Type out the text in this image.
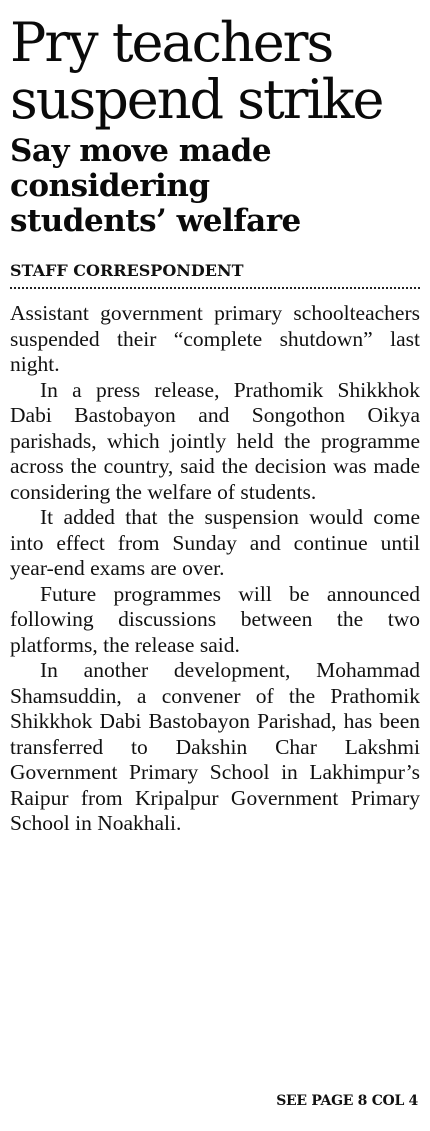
Pry teachers
suspend strike
Say move made
considering
students’ welfare
STAFF CORRESPONDENT

Assistant government primary schoolteachers suspended their “complete shutdown” last night.

In a press release, Prathomik Shikkhok Dabi Bastobayon and Songothon Oikya parishads, which jointly held the programme across the country, said the decision was made considering the welfare of students.

It added that the suspension would come into effect from Sunday and continue until year-end exams are over.

Future programmes will be announced following discussions between the two platforms, the release said.

In another development, Mohammad Shamsuddin, a convener of the Prathomik Shikkhok Dabi Bastobayon Parishad, has been transferred to Dakshin Char Lakshmi Government Primary School in Lakhimpur’s Raipur from Kripalpur Government Primary School in Noakhali.

SEE PAGE 8 COL 4
